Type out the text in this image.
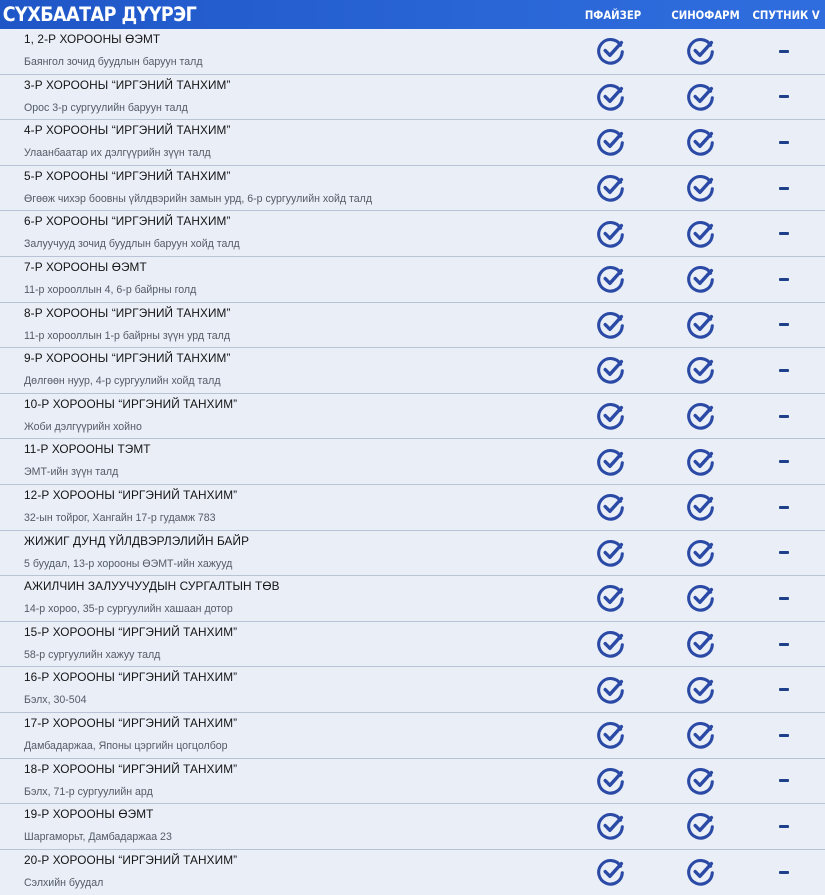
СҮХБААТАР ДҮҮРЭГ	ПФАЙЗЕР	СИНОФАРМ СПУТНИК V
1, 2-Р ХОРООНЫ ӨЭМТ
Баянгол зочид буудлын баруун талд
3-Р ХОРООНЫ “ИРГЭНИЙ ТАНХИМ”
Орос 3-р сургуулийн баруун талд
4-Р ХОРООНЫ “ИРГЭНИЙ ТАНХИМ”
Улаанбаатар их дэлгүүрийн зүүн талд
5-Р ХОРООНЫ “ИРГЭНИЙ ТАНХИМ”
Өгөөж чихэр боовны үйлдвэрийн замын урд, 6-р сургуулийн хойд талд
6-Р ХОРООНЫ “ИРГЭНИЙ ТАНХИМ”
Залуучууд зочид буудлын баруун хойд талд
7-Р ХОРООНЫ ӨЭМТ
11-р хорооллын 4, 6-р байрны голд
8-Р ХОРООНЫ “ИРГЭНИЙ ТАНХИМ”
11-р хорооллын 1-р байрны зүүн урд талд
9-Р ХОРООНЫ “ИРГЭНИЙ ТАНХИМ”
Дөлгөөн нуур, 4-р сургуулийн хойд талд
10-Р ХОРООНЫ “ИРГЭНИЙ ТАНХИМ”
Жоби дэлгүүрийн хойно
11-Р ХОРООНЫ ТЭМТ
ЭМТ-ийн зүүн талд
12-Р ХОРООНЫ “ИРГЭНИЙ ТАНХИМ”
32-ын тойрог, Хангайн 17-р гудамж 783
ЖИЖИГ ДУНД ҮЙЛДВЭРЛЭЛИЙН БАЙР
5 буудал, 13-р хорооны ӨЭМТ-ийн хажууд
АЖИЛЧИН ЗАЛУУЧУУДЫН СУРГАЛТЫН ТӨВ
14-р хороо, 35-р сургуулийн хашаан дотор
15-Р ХОРООНЫ “ИРГЭНИЙ ТАНХИМ”
58-р сургуулийн хажуу талд
16-Р ХОРООНЫ “ИРГЭНИЙ ТАНХИМ”
Бэлх, 30-504
17-Р ХОРООНЫ “ИРГЭНИЙ ТАНХИМ”
Дамбадаржаа, Японы цэргийн цогцолбор
18-Р ХОРООНЫ “ИРГЭНИЙ ТАНХИМ”
Бэлх, 71-р сургуулийн ард
19-Р ХОРООНЫ ӨЭМТ
Шаргаморьт, Дамбадаржаа 23
20-Р ХОРООНЫ “ИРГЭНИЙ ТАНХИМ”
Сэлхийн буудал
